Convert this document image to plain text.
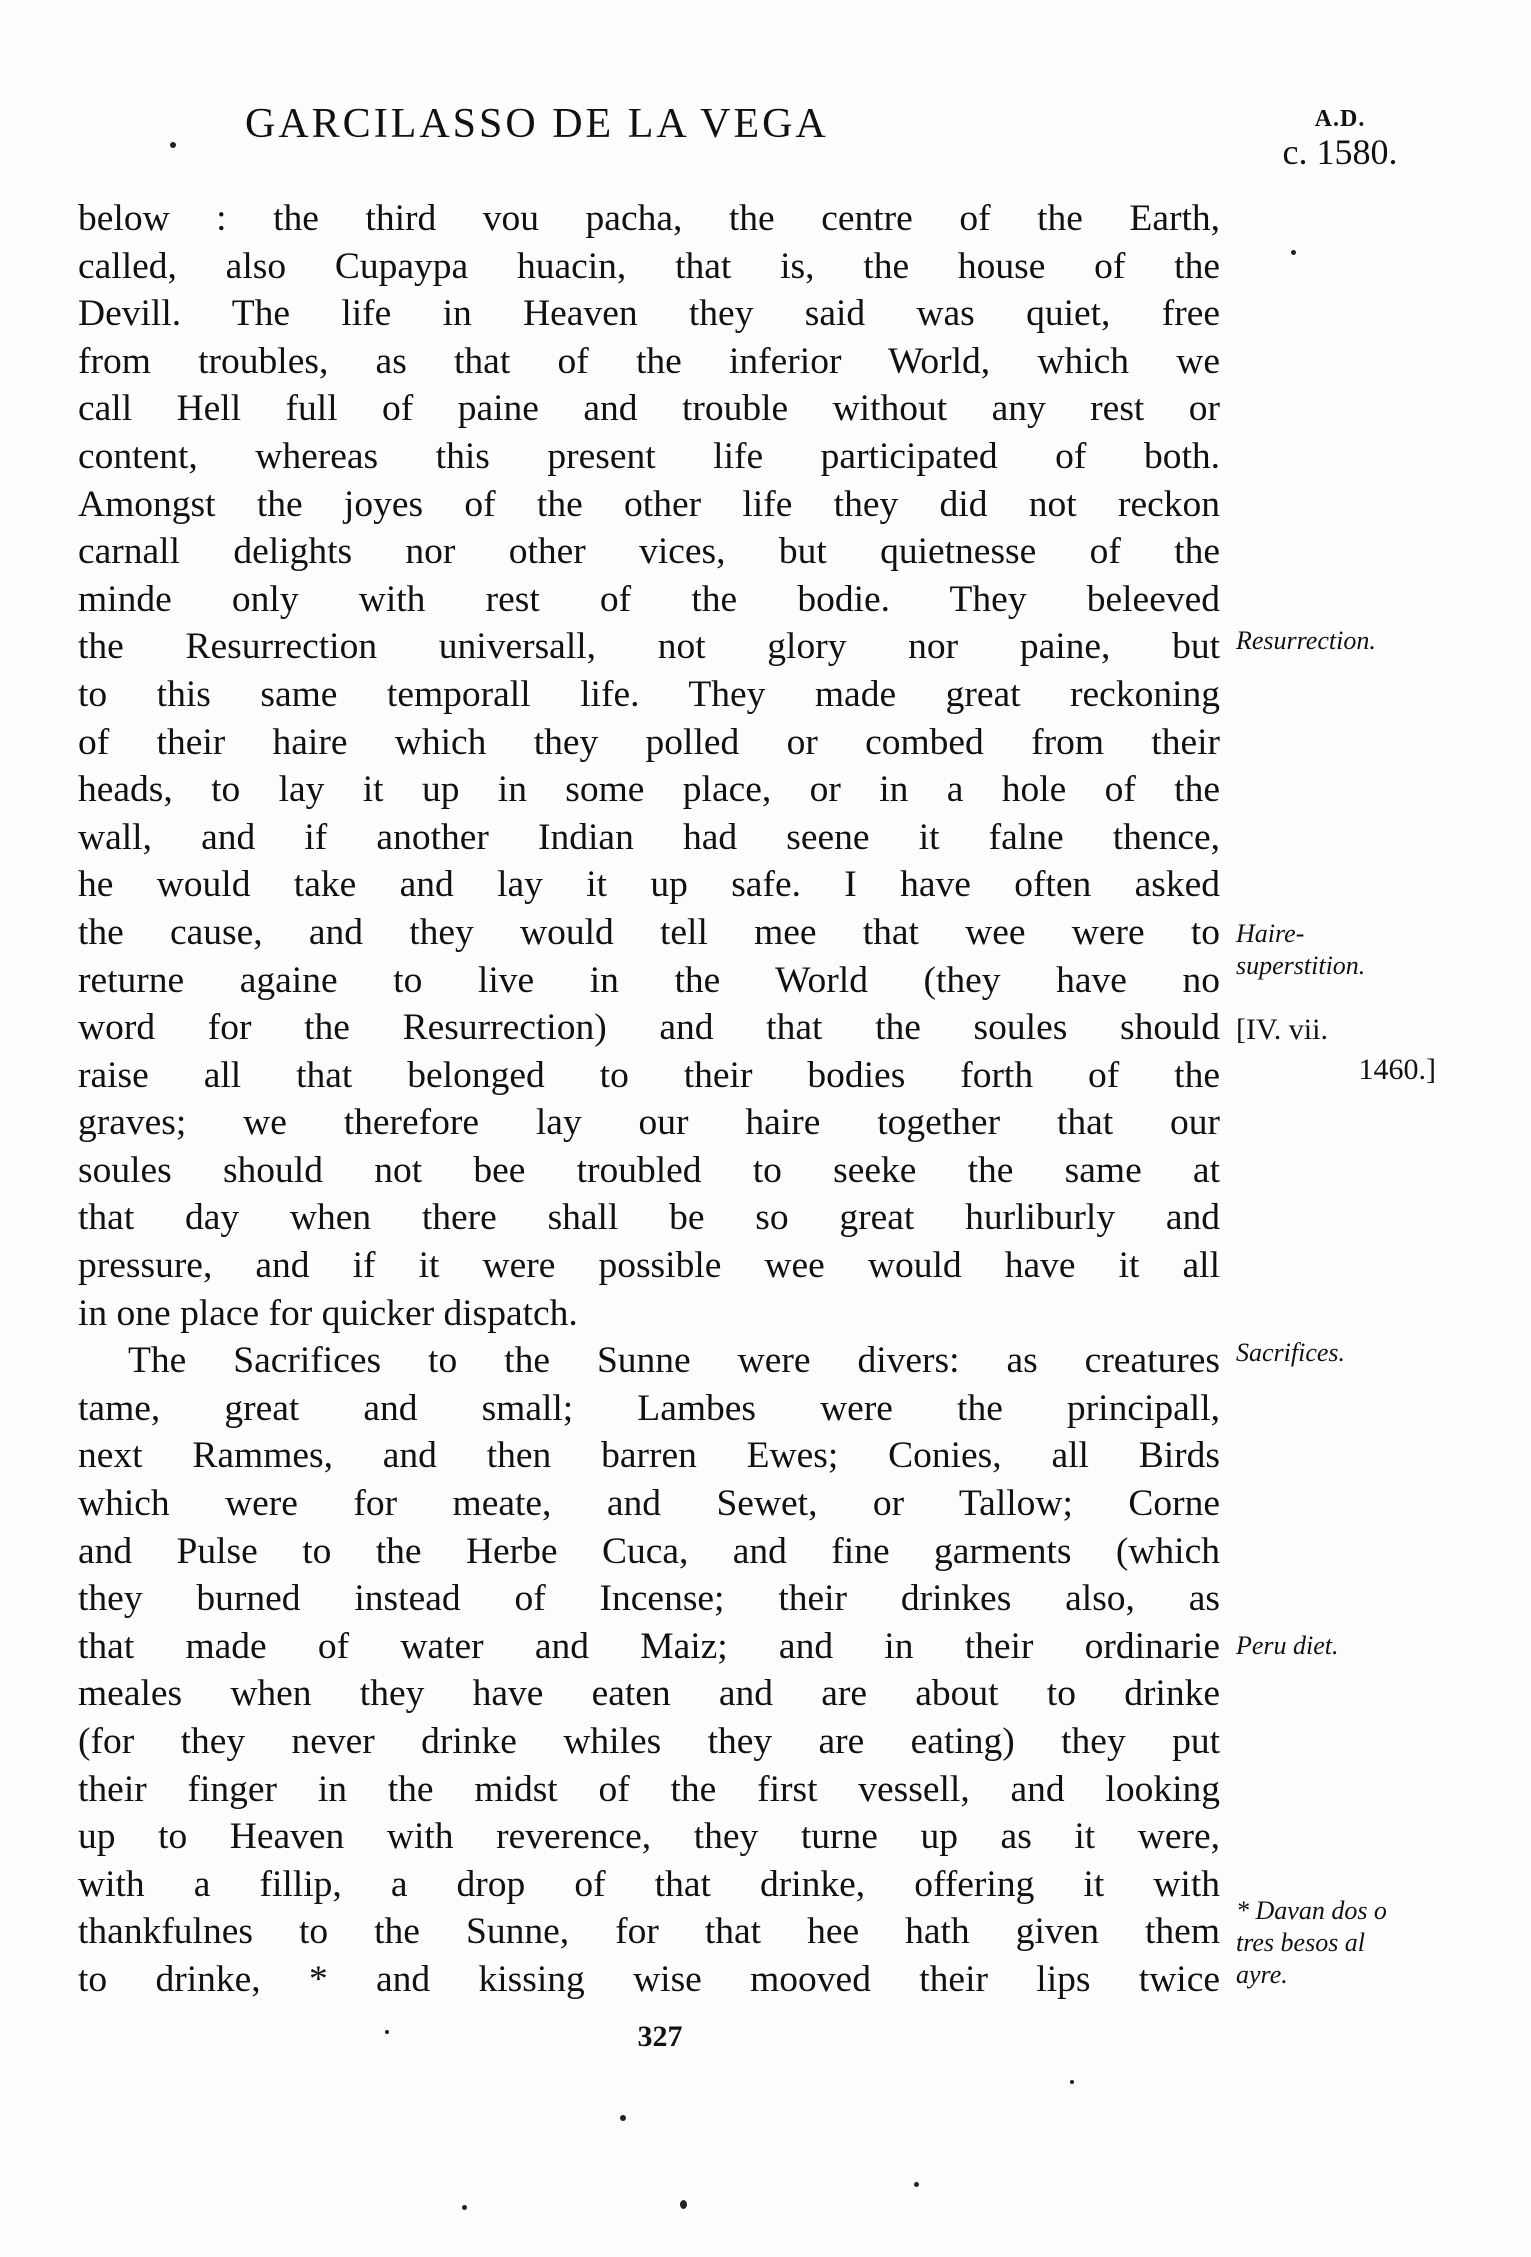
GARCILASSO DE LA VEGA	A.D.
c. 1580.
below : the third vou pacha, the centre of the Earth,
called, also Cupaypa huacin, that is, the house of the
Devill. The life in Heaven they said was quiet, free
from troubles, as that of the inferior World, which we
call Hell full of paine and trouble without any rest or
content, whereas this present life participated of both.
Amongst the joyes of the other life they did not reckon
carnall delights nor other vices, but quietnesse of the
minde only with rest of the bodie. They beleeved
the Resurrection universall, not glory nor paine, but
to this same temporall life. They made great reckoning
of their haire which they polled or combed from their
heads, to lay it up in some place, or in a hole of the
wall, and if another Indian had seene it falne thence,
he would take and lay it up safe. I have often asked
the cause, and they would tell mee that wee were to
returne againe to live in the World (they have no
word for the Resurrection) and that the soules should
raise all that belonged to their bodies forth of the
graves; we therefore lay our haire together that our
soules should not bee troubled to seeke the same at
that day when there shall be so great hurliburly and
pressure, and if it were possible wee would have it all
in one place for quicker dispatch.
The Sacrifices to the Sunne were divers: as creatures
tame, great and small; Lambes were the principall,
next Rammes, and then barren Ewes; Conies, all Birds
which were for meate, and Sewet, or Tallow; Corne
and Pulse to the Herbe Cuca, and fine garments (which
they burned instead of Incense; their drinkes also, as
that made of water and Maiz; and in their ordinarie
meales when they have eaten and are about to drinke
(for they never drinke whiles they are eating) they put
their finger in the midst of the first vessell, and looking
up to Heaven with reverence, they turne up as it were,
with a fillip, a drop of that drinke, offering it with
thankfulnes to the Sunne, for that hee hath given them
to drinke, * and kissing wise mooved their lips twice
Resurrection.
Haire-
superstition.
[IV. vii.
1460.]
Sacrifices.
Peru diet.
* Davan dos o
tres besos al
ayre.
327
